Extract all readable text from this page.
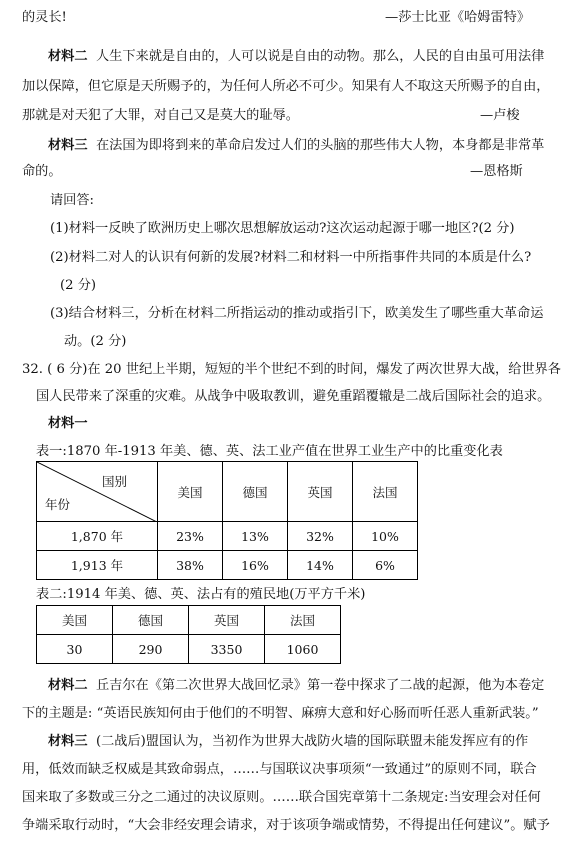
的灵长!	—莎士比亚《哈姆雷特》
材料二 人生下来就是自由的，人可以说是自由的动物。那么，人民的自由虽可用法律
加以保障，但它原是天所赐予的，为任何人所必不可少。知果有人不取这天所赐予的自由，
那就是对天犯了大罪，对自己又是莫大的耻辱。	—卢梭
材料三 在法国为即将到来的革命启发过人们的头脑的那些伟大人物，本身都是非常革
命的。	—恩格斯
请回答:
(1)材料一反映了欧洲历史上哪次思想解放运动?这次运动起源于哪一地区?(2 分)
(2)材料二对人的认识有何新的发展?材料二和材料一中所指事件共同的本质是什么?
(2 分)
(3)结合材料三，分析在材料二所指运动的推动或指引下，欧美发生了哪些重大革命运
动。(2 分)
32. ( 6 分)在 20 世纪上半期，短短的半个世纪不到的时间，爆发了两次世界大战，给世界各
国人民带来了深重的灾难。从战争中吸取教训，避免重蹈覆辙是二战后国际社会的追求。
材料一
表一:1870 年-1913 年美、德、英、法工业产值在世界工业生产中的比重变化表
国别
年份	美国	德国	英国	法国
1,870 年	23%	13%	32%	10%
1,913 年	38%	16%	14%	6%
表二:1914 年美、德、英、法占有的殖民地(万平方千米)
美国	德国	英国	法国
30	290	3350	1060
材料二 丘吉尔在《第二次世界大战回忆录》第一卷中探求了二战的起源，他为本卷定
下的主题是: “英语民族知何由于他们的不明智、麻痹大意和好心肠而听任恶人重新武装。”
材料三 (二战后)盟国认为，当初作为世界大战防火墙的国际联盟未能发挥应有的作
用，低效而缺乏权威是其致命弱点，……与国联议决事项须“一致通过”的原则不同，联合
国来取了多数或三分之二通过的决议原则。……联合国宪章第十二条规定:当安理会对任何
争端采取行动时，“大会非经安理会请求，对于该项争端或情势，不得提出任何建议”。赋予
